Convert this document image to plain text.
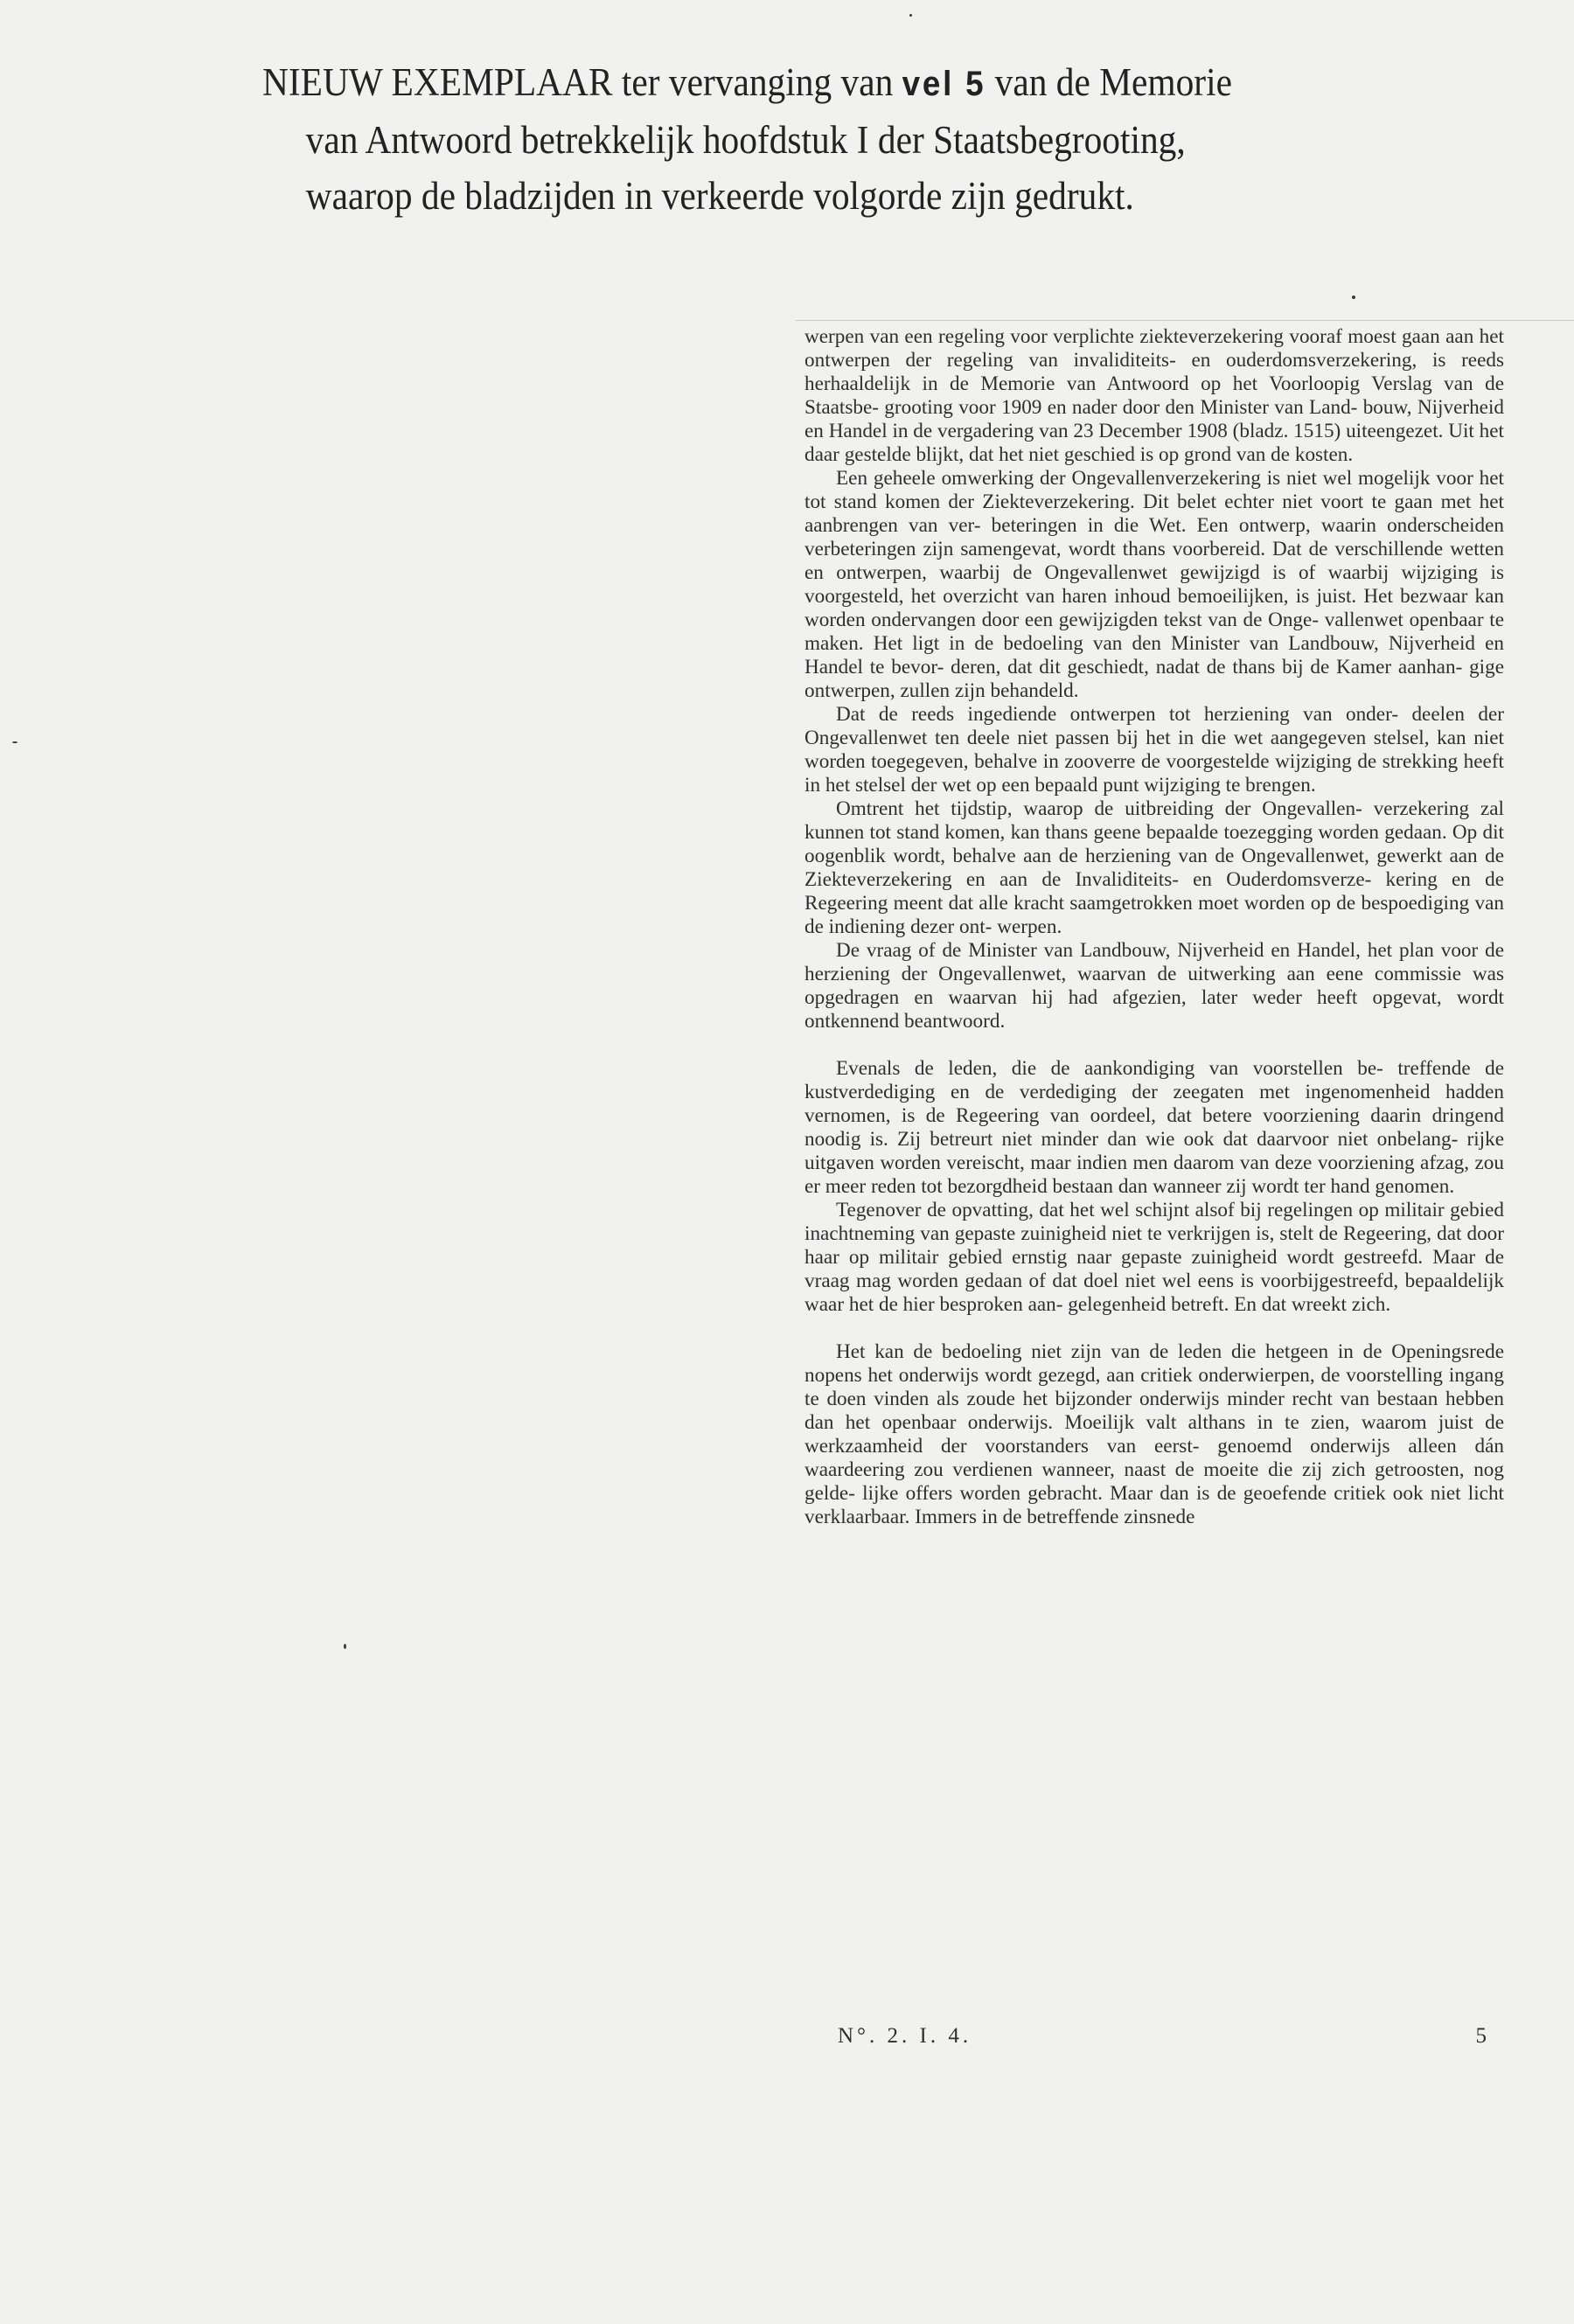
NIEUW EXEMPLAAR ter vervanging van vel 5 van de Memorie
van Antwoord betrekkelijk hoofdstuk I der Staatsbegrooting,
waarop de bladzijden in verkeerde volgorde zijn gedrukt.

werpen van een regeling voor verplichte ziekteverzekering vooraf moest gaan aan het ontwerpen der regeling van invaliditeits- en ouderdomsverzekering, is reeds herhaaldelijk in de Memorie van Antwoord op het Voorloopig Verslag van de Staatsbe- grooting voor 1909 en nader door den Minister van Land- bouw, Nijverheid en Handel in de vergadering van 23 December 1908 (bladz. 1515) uiteengezet. Uit het daar gestelde blijkt, dat het niet geschied is op grond van de kosten.

Een geheele omwerking der Ongevallenverzekering is niet wel mogelijk voor het tot stand komen der Ziekteverzekering. Dit belet echter niet voort te gaan met het aanbrengen van ver- beteringen in die Wet. Een ontwerp, waarin onderscheiden verbeteringen zijn samengevat, wordt thans voorbereid. Dat de verschillende wetten en ontwerpen, waarbij de Ongevallenwet gewijzigd is of waarbij wijziging is voorgesteld, het overzicht van haren inhoud bemoeilijken, is juist. Het bezwaar kan worden ondervangen door een gewijzigden tekst van de Onge- vallenwet openbaar te maken. Het ligt in de bedoeling van den Minister van Landbouw, Nijverheid en Handel te bevor- deren, dat dit geschiedt, nadat de thans bij de Kamer aanhan- gige ontwerpen, zullen zijn behandeld.

Dat de reeds ingediende ontwerpen tot herziening van onder- deelen der Ongevallenwet ten deele niet passen bij het in die wet aangegeven stelsel, kan niet worden toegegeven, behalve in zooverre de voorgestelde wijziging de strekking heeft in het stelsel der wet op een bepaald punt wijziging te brengen.

Omtrent het tijdstip, waarop de uitbreiding der Ongevallen- verzekering zal kunnen tot stand komen, kan thans geene bepaalde toezegging worden gedaan. Op dit oogenblik wordt, behalve aan de herziening van de Ongevallenwet, gewerkt aan de Ziekteverzekering en aan de Invaliditeits- en Ouderdomsverze- kering en de Regeering meent dat alle kracht saamgetrokken moet worden op de bespoediging van de indiening dezer ont- werpen.

De vraag of de Minister van Landbouw, Nijverheid en Handel, het plan voor de herziening der Ongevallenwet, waarvan de uitwerking aan eene commissie was opgedragen en waarvan hij had afgezien, later weder heeft opgevat, wordt ontkennend beantwoord.

Evenals de leden, die de aankondiging van voorstellen be- treffende de kustverdediging en de verdediging der zeegaten met ingenomenheid hadden vernomen, is de Regeering van oordeel, dat betere voorziening daarin dringend noodig is. Zij betreurt niet minder dan wie ook dat daarvoor niet onbelang- rijke uitgaven worden vereischt, maar indien men daarom van deze voorziening afzag, zou er meer reden tot bezorgdheid bestaan dan wanneer zij wordt ter hand genomen.

Tegenover de opvatting, dat het wel schijnt alsof bij regelingen op militair gebied inachtneming van gepaste zuinigheid niet te verkrijgen is, stelt de Regeering, dat door haar op militair gebied ernstig naar gepaste zuinigheid wordt gestreefd. Maar de vraag mag worden gedaan of dat doel niet wel eens is voorbijgestreefd, bepaaldelijk waar het de hier besproken aan- gelegenheid betreft. En dat wreekt zich.

Het kan de bedoeling niet zijn van de leden die hetgeen in de Openingsrede nopens het onderwijs wordt gezegd, aan critiek onderwierpen, de voorstelling ingang te doen vinden als zoude het bijzonder onderwijs minder recht van bestaan hebben dan het openbaar onderwijs. Moeilijk valt althans in te zien, waarom juist de werkzaamheid der voorstanders van eerst- genoemd onderwijs alleen dán waardeering zou verdienen wanneer, naast de moeite die zij zich getroosten, nog gelde- lijke offers worden gebracht. Maar dan is de geoefende critiek ook niet licht verklaarbaar. Immers in de betreffende zinsnede

N°. 2. I. 4.	5
